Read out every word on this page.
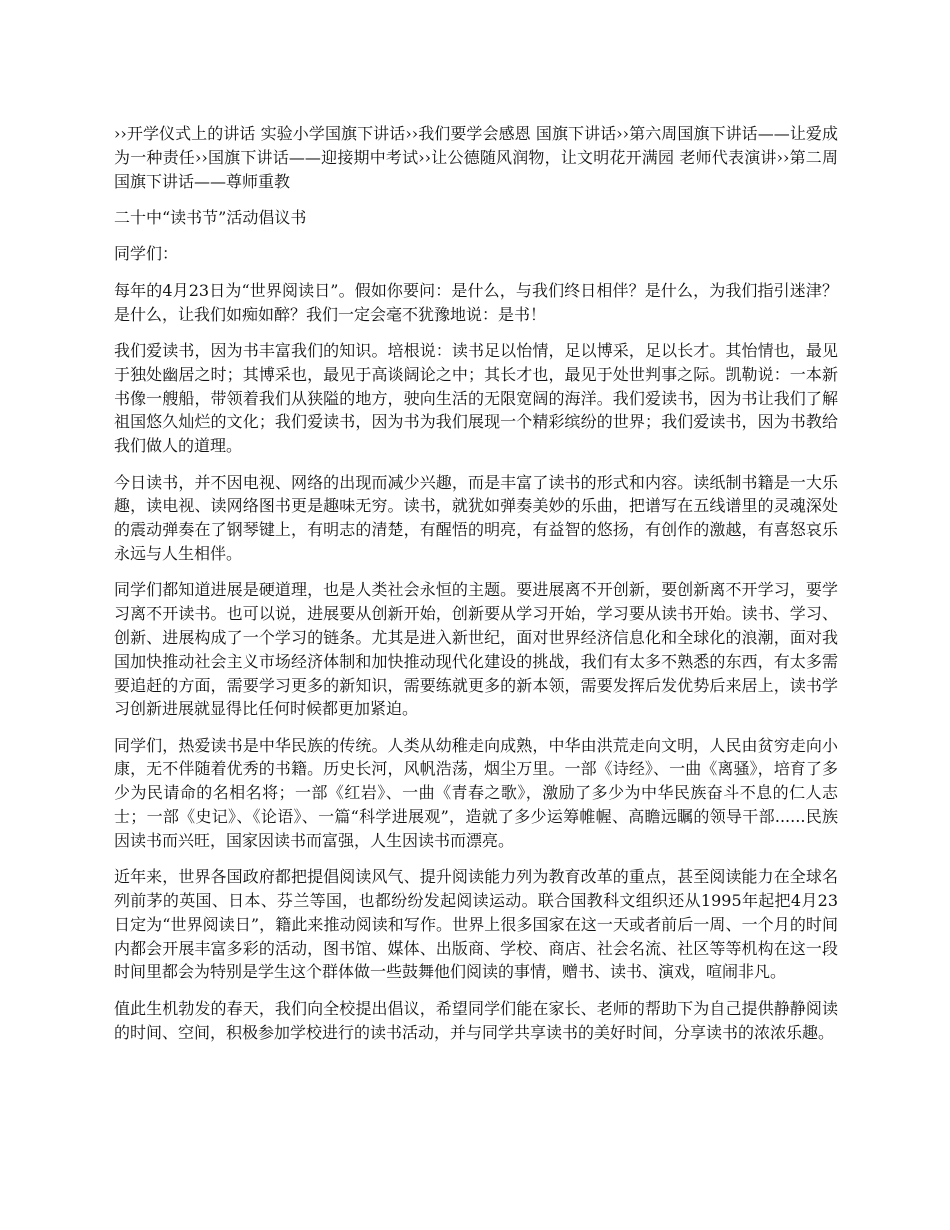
››开学仪式上的讲话 实验小学国旗下讲话››我们要学会感恩 国旗下讲话››第六周国旗下讲话——让爱成为一种责任››国旗下讲话——迎接期中考试››让公德随风润物，让文明花开满园 老师代表演讲››第二周国旗下讲话——尊师重教

二十中“读书节”活动倡议书

同学们：

每年的4月23日为“世界阅读日”。假如你要问：是什么，与我们终日相伴？是什么，为我们指引迷津？是什么，让我们如痴如醉？我们一定会毫不犹豫地说：是书！

我们爱读书，因为书丰富我们的知识。培根说：读书足以怡情，足以博采，足以长才。其怡情也，最见于独处幽居之时；其博采也，最见于高谈阔论之中；其长才也，最见于处世判事之际。凯勒说：一本新书像一艘船，带领着我们从狭隘的地方，驶向生活的无限宽阔的海洋。我们爱读书，因为书让我们了解祖国悠久灿烂的文化；我们爱读书，因为书为我们展现一个精彩缤纷的世界；我们爱读书，因为书教给我们做人的道理。

今日读书，并不因电视、网络的出现而减少兴趣，而是丰富了读书的形式和内容。读纸制书籍是一大乐趣，读电视、读网络图书更是趣味无穷。读书，就犹如弹奏美妙的乐曲，把谱写在五线谱里的灵魂深处的震动弹奏在了钢琴键上，有明志的清楚，有醒悟的明亮，有益智的悠扬，有创作的激越，有喜怒哀乐永远与人生相伴。

同学们都知道进展是硬道理，也是人类社会永恒的主题。要进展离不开创新，要创新离不开学习，要学习离不开读书。也可以说，进展要从创新开始，创新要从学习开始，学习要从读书开始。读书、学习、创新、进展构成了一个学习的链条。尤其是进入新世纪，面对世界经济信息化和全球化的浪潮，面对我国加快推动社会主义市场经济体制和加快推动现代化建设的挑战，我们有太多不熟悉的东西，有太多需要追赶的方面，需要学习更多的新知识，需要练就更多的新本领，需要发挥后发优势后来居上，读书学习创新进展就显得比任何时候都更加紧迫。

同学们，热爱读书是中华民族的传统。人类从幼稚走向成熟，中华由洪荒走向文明，人民由贫穷走向小康，无不伴随着优秀的书籍。历史长河，风帆浩荡，烟尘万里。一部《诗经》、一曲《离骚》，培育了多少为民请命的名相名将；一部《红岩》、一曲《青春之歌》，激励了多少为中华民族奋斗不息的仁人志士；一部《史记》、《论语》、一篇“科学进展观”，造就了多少运筹帷幄、高瞻远瞩的领导干部......民族因读书而兴旺，国家因读书而富强，人生因读书而漂亮。

近年来，世界各国政府都把提倡阅读风气、提升阅读能力列为教育改革的重点，甚至阅读能力在全球名列前茅的英国、日本、芬兰等国，也都纷纷发起阅读运动。联合国教科文组织还从1995年起把4月23日定为“世界阅读日”，籍此来推动阅读和写作。世界上很多国家在这一天或者前后一周、一个月的时间内都会开展丰富多彩的活动，图书馆、媒体、出版商、学校、商店、社会名流、社区等等机构在这一段时间里都会为特别是学生这个群体做一些鼓舞他们阅读的事情，赠书、读书、演戏，喧闹非凡。

值此生机勃发的春天，我们向全校提出倡议，希望同学们能在家长、老师的帮助下为自己提供静静阅读的时间、空间，积极参加学校进行的读书活动，并与同学共享读书的美好时间，分享读书的浓浓乐趣。
